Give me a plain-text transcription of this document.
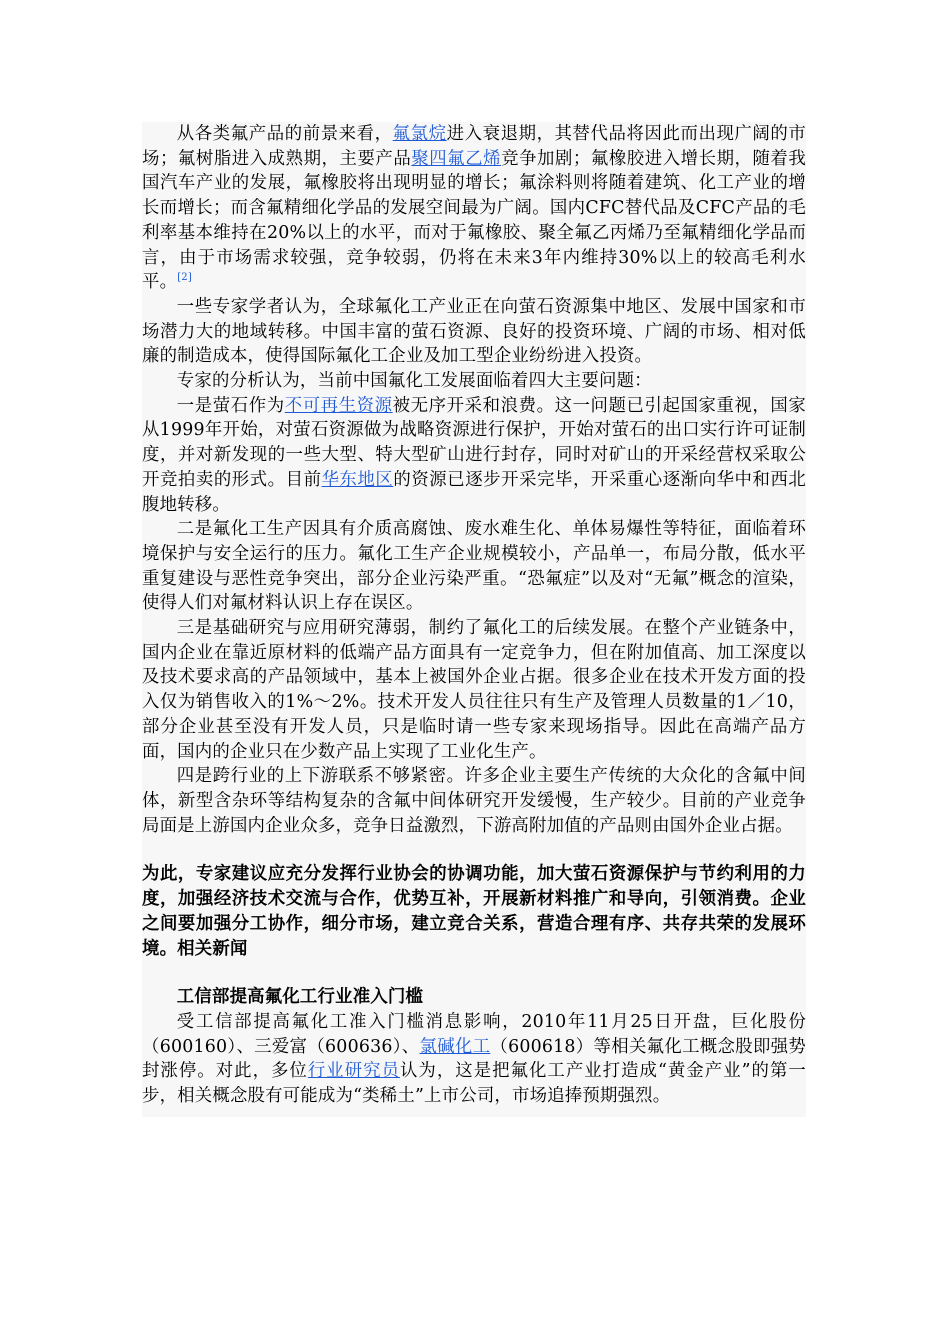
从各类氟产品的前景来看，氟氯烷进入衰退期，其替代品将因此而出现广阔的市场；氟树脂进入成熟期，主要产品聚四氟乙烯竞争加剧；氟橡胶进入增长期，随着我国汽车产业的发展，氟橡胶将出现明显的增长；氟涂料则将随着建筑、化工产业的增长而增长；而含氟精细化学品的发展空间最为广阔。国内CFC替代品及CFC产品的毛利率基本维持在20%以上的水平，而对于氟橡胶、聚全氟乙丙烯乃至氟精细化学品而言，由于市场需求较强，竞争较弱，仍将在未来3年内维持30%以上的较高毛利水平。[2]

一些专家学者认为，全球氟化工产业正在向萤石资源集中地区、发展中国家和市场潜力大的地域转移。中国丰富的萤石资源、良好的投资环境、广阔的市场、相对低廉的制造成本，使得国际氟化工企业及加工型企业纷纷进入投资。

专家的分析认为，当前中国氟化工发展面临着四大主要问题：

一是萤石作为不可再生资源被无序开采和浪费。这一问题已引起国家重视，国家从1999年开始，对萤石资源做为战略资源进行保护，开始对萤石的出口实行许可证制度，并对新发现的一些大型、特大型矿山进行封存，同时对矿山的开采经营权采取公开竞拍卖的形式。目前华东地区的资源已逐步开采完毕，开采重心逐渐向华中和西北腹地转移。

二是氟化工生产因具有介质高腐蚀、废水难生化、单体易爆性等特征，面临着环境保护与安全运行的压力。氟化工生产企业规模较小，产品单一，布局分散，低水平重复建设与恶性竞争突出，部分企业污染严重。“恐氟症”以及对“无氟”概念的渲染，使得人们对氟材料认识上存在误区。

三是基础研究与应用研究薄弱，制约了氟化工的后续发展。在整个产业链条中，国内企业在靠近原材料的低端产品方面具有一定竞争力，但在附加值高、加工深度以及技术要求高的产品领域中，基本上被国外企业占据。很多企业在技术开发方面的投入仅为销售收入的1%～2%。技术开发人员往往只有生产及管理人员数量的1／10，部分企业甚至没有开发人员，只是临时请一些专家来现场指导。因此在高端产品方面，国内的企业只在少数产品上实现了工业化生产。

四是跨行业的上下游联系不够紧密。许多企业主要生产传统的大众化的含氟中间体，新型含杂环等结构复杂的含氟中间体研究开发缓慢，生产较少。目前的产业竞争局面是上游国内企业众多，竞争日益激烈，下游高附加值的产品则由国外企业占据。

为此，专家建议应充分发挥行业协会的协调功能，加大萤石资源保护与节约利用的力度，加强经济技术交流与合作，优势互补，开展新材料推广和导向，引领消费。企业之间要加强分工协作，细分市场，建立竞合关系，营造合理有序、共存共荣的发展环境。相关新闻

工信部提高氟化工行业准入门槛

受工信部提高氟化工准入门槛消息影响，2010年11月25日开盘，巨化股份（600160）、三爱富（600636）、氯碱化工（600618）等相关氟化工概念股即强势封涨停。对此，多位行业研究员认为，这是把氟化工产业打造成“黄金产业”的第一步，相关概念股有可能成为“类稀土”上市公司，市场追捧预期强烈。
